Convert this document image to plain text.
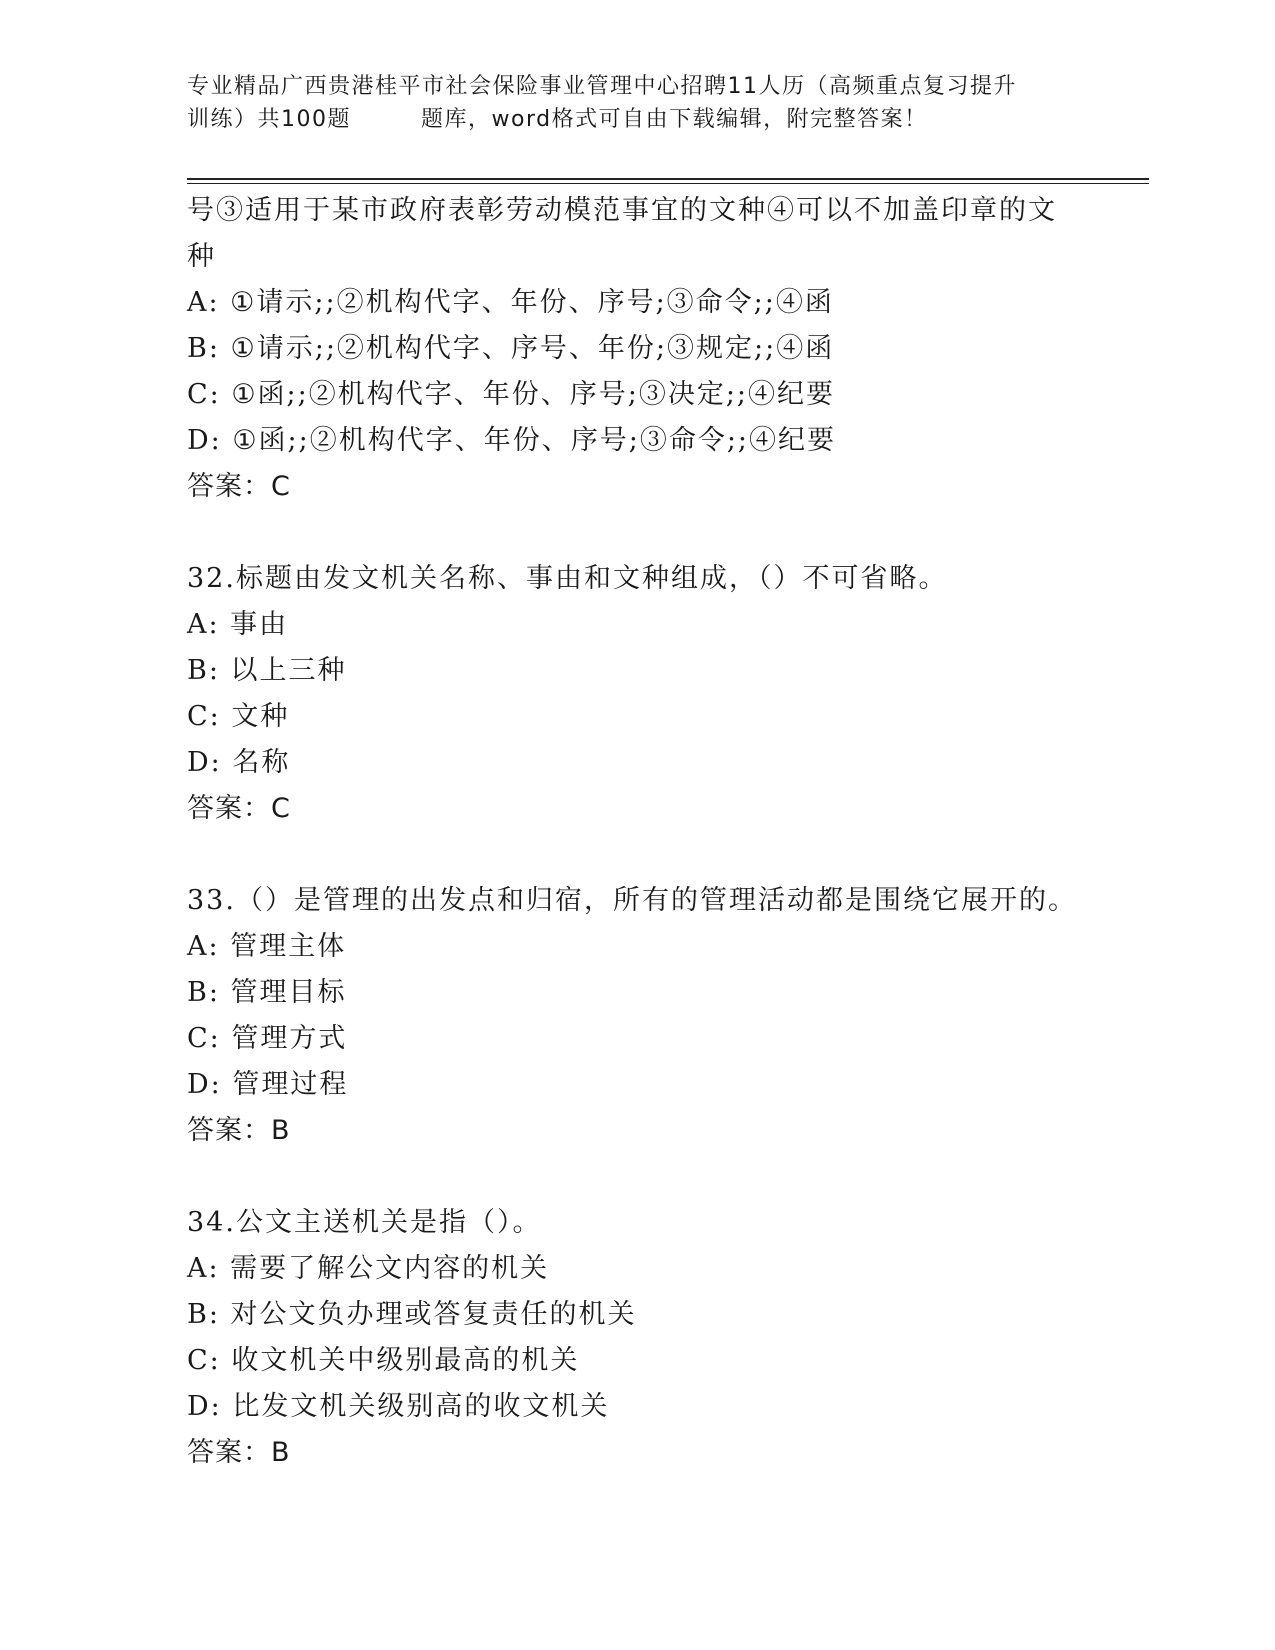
专业精品广西贵港桂平市社会保险事业管理中心招聘11人历（高频重点复习提升
训练）共100题	题库，word格式可自由下载编辑，附完整答案！
号③适用于某市政府表彰劳动模范事宜的文种④可以不加盖印章的文
种
A: ①请示;;②机构代字、年份、序号;③命令;;④函
B: ①请示;;②机构代字、序号、年份;③规定;;④函
C: ①函;;②机构代字、年份、序号;③决定;;④纪要
D: ①函;;②机构代字、年份、序号;③命令;;④纪要
答案：C
32.标题由发文机关名称、事由和文种组成，（）不可省略。
A: 事由
B: 以上三种
C: 文种
D: 名称
答案：C
33.（）是管理的出发点和归宿，所有的管理活动都是围绕它展开的。
A: 管理主体
B: 管理目标
C: 管理方式
D: 管理过程
答案：B
34.公文主送机关是指（）。
A: 需要了解公文内容的机关
B: 对公文负办理或答复责任的机关
C: 收文机关中级别最高的机关
D: 比发文机关级别高的收文机关
答案：B
